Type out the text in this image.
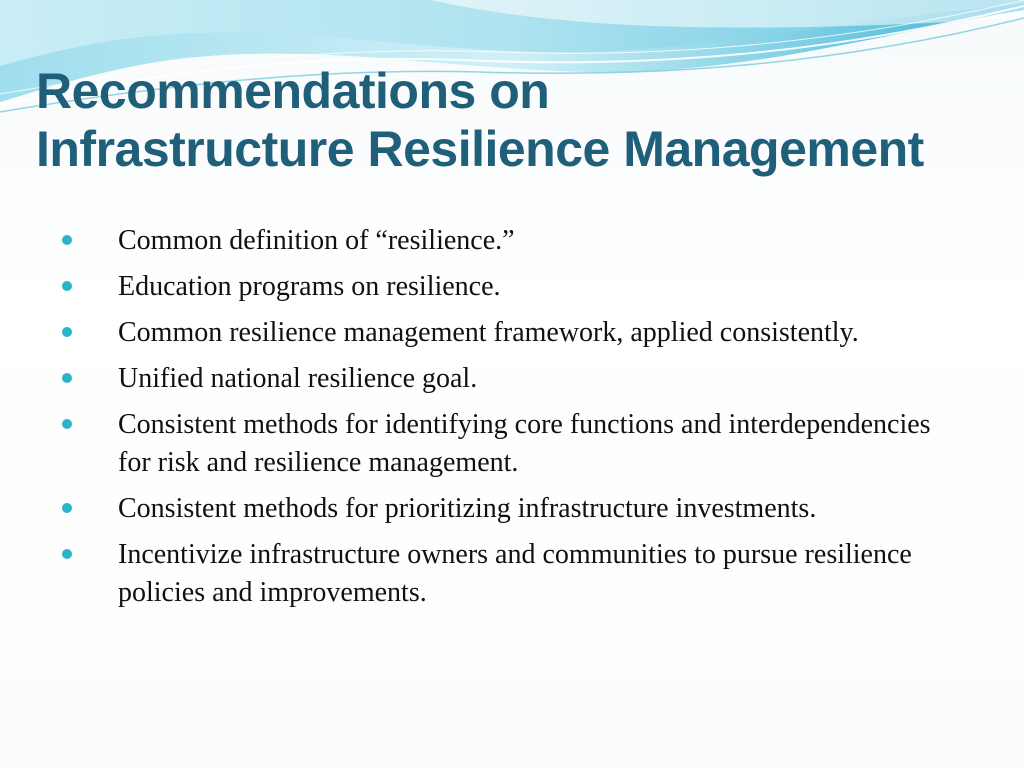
Recommendations on
Infrastructure Resilience Management
Common definition of “resilience.”
Education programs on resilience.
Common resilience management framework, applied consistently.
Unified national resilience goal.
Consistent methods for identifying core functions and interdependencies for risk and resilience management.
Consistent methods for prioritizing infrastructure investments.
Incentivize infrastructure owners and communities to pursue resilience policies and improvements.
